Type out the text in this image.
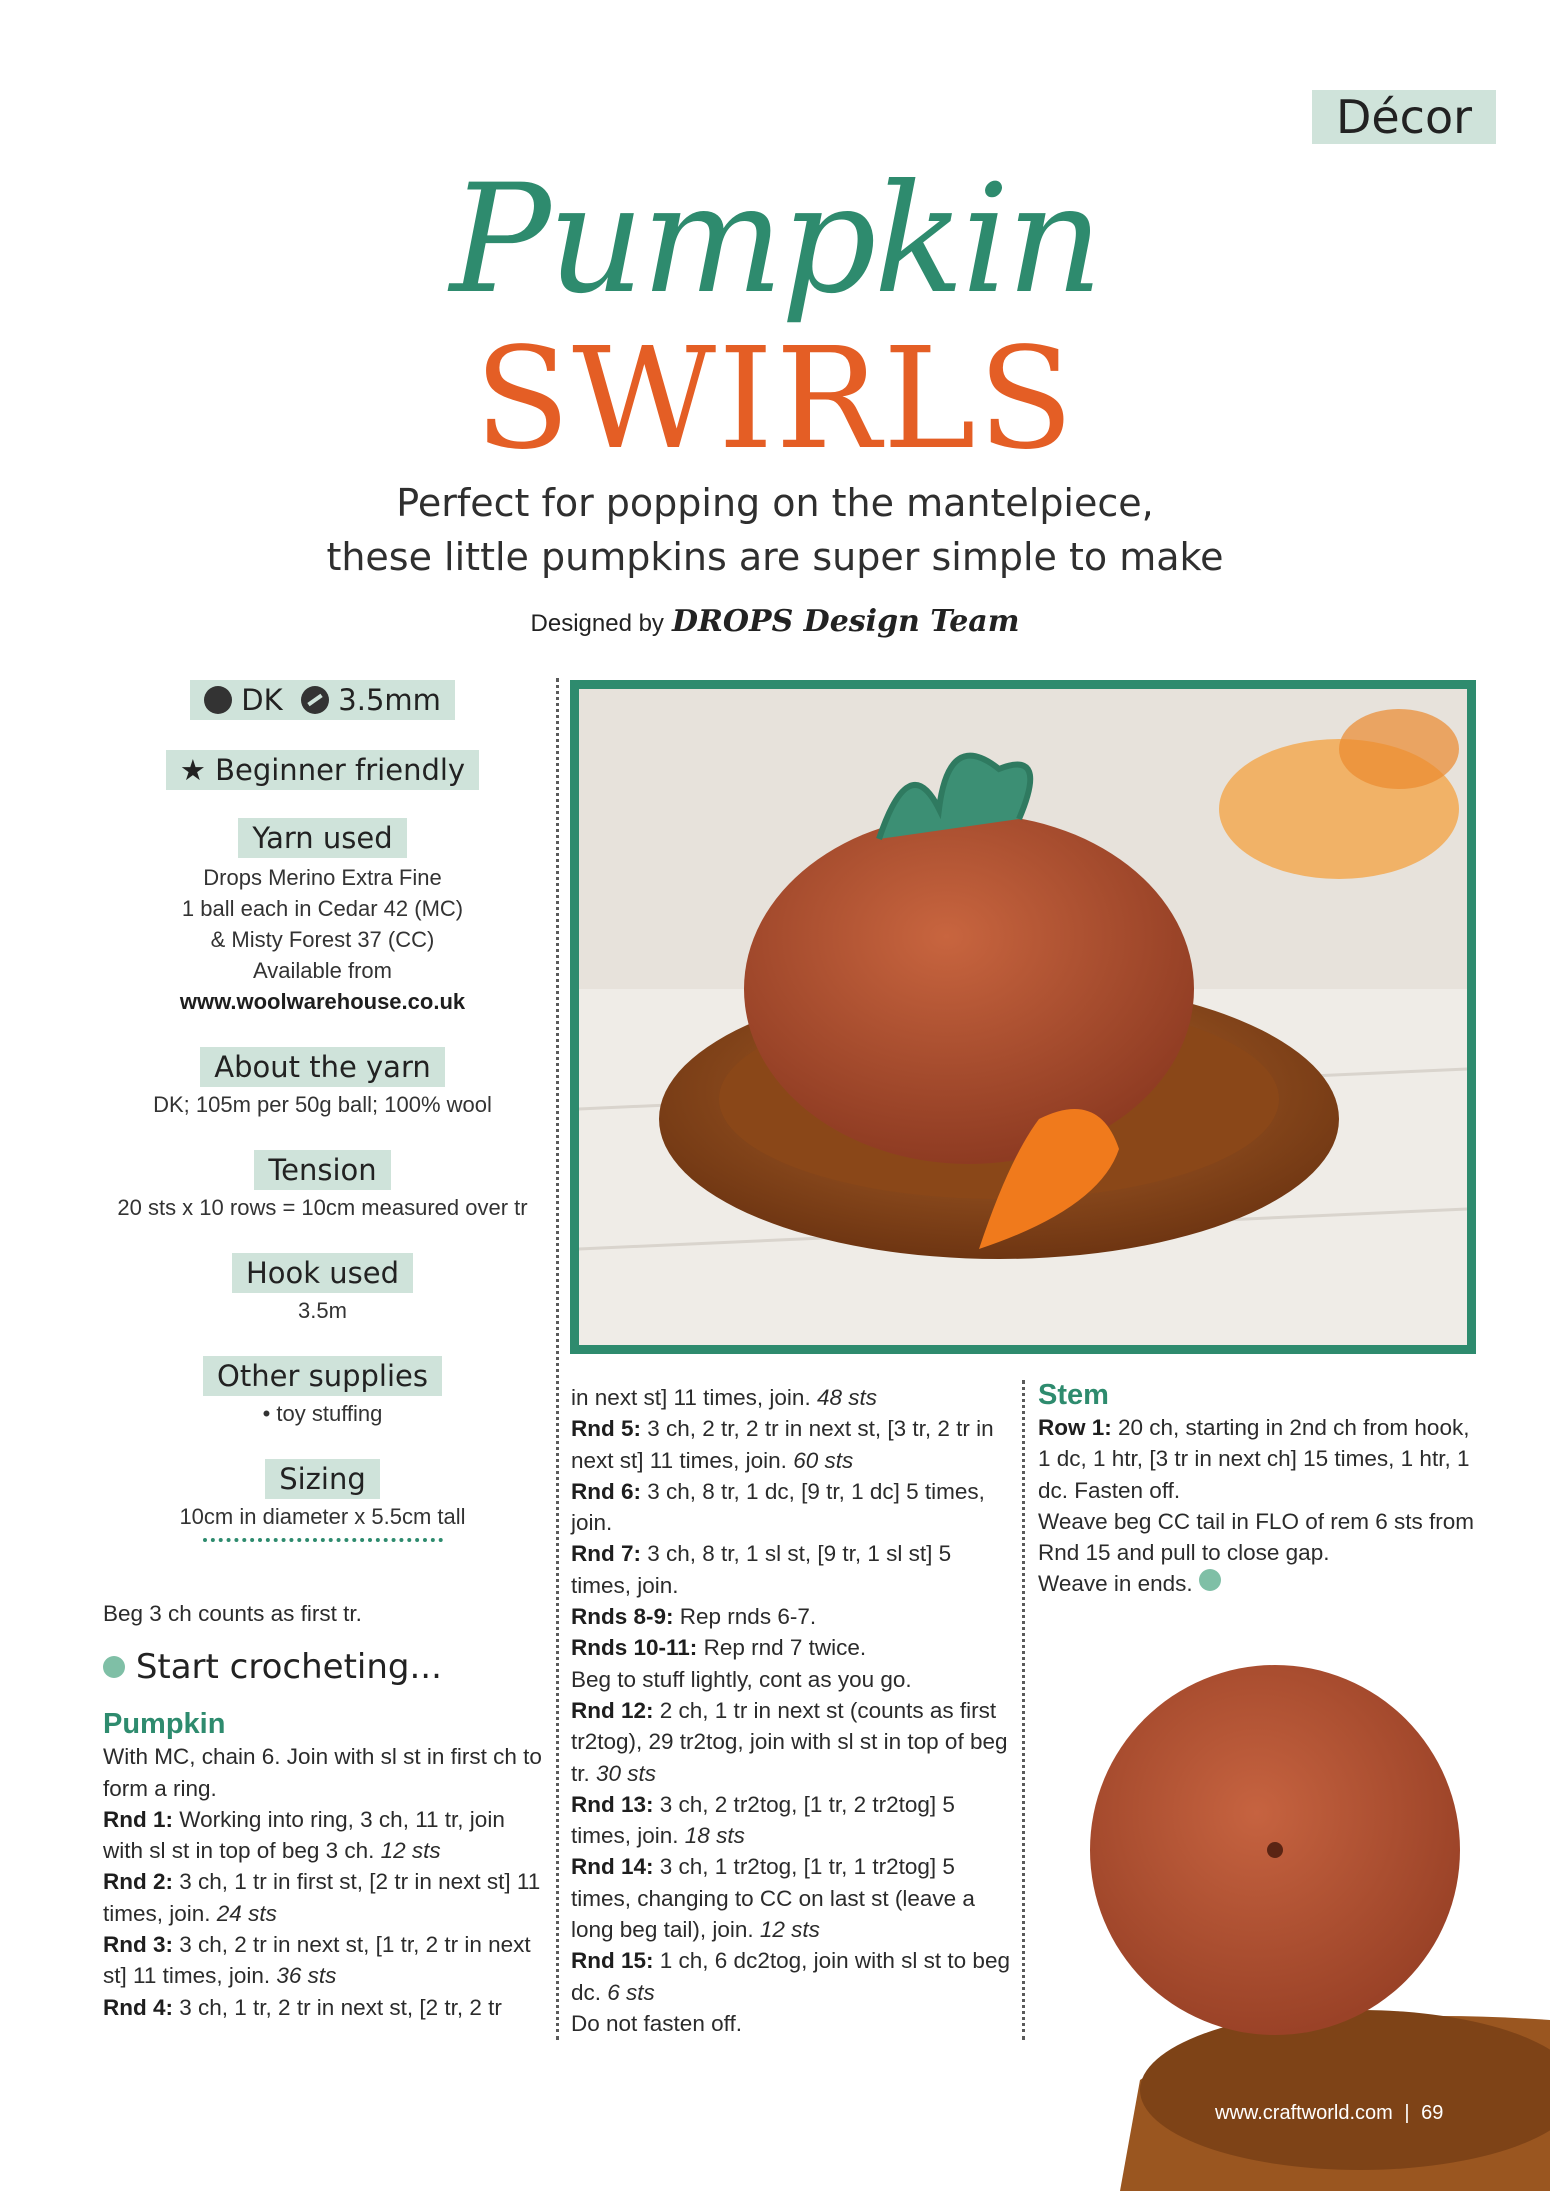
Décor
Pumpkin
SWIRLS
Perfect for popping on the mantelpiece,
these little pumpkins are super simple to make
Designed by DROPS Design Team
DK 3.5mm
★ Beginner friendly
Yarn used
Drops Merino Extra Fine
1 ball each in Cedar 42 (MC)
& Misty Forest 37 (CC)
Available from
www.woolwarehouse.co.uk
About the yarn
DK; 105m per 50g ball; 100% wool
Tension
20 sts x 10 rows = 10cm measured over tr
Hook used
3.5m
Other supplies
• toy stuffing
Sizing
10cm in diameter x 5.5cm tall

Beg 3 ch counts as first tr.

Start crocheting...

Pumpkin

With MC, chain 6. Join with sl st in first ch to form a ring.

Rnd 1: Working into ring, 3 ch, 11 tr, join with sl st in top of beg 3 ch. 12 sts

Rnd 2: 3 ch, 1 tr in first st, [2 tr in next st] 11 times, join. 24 sts

Rnd 3: 3 ch, 2 tr in next st, [1 tr, 2 tr in next st] 11 times, join. 36 sts

Rnd 4: 3 ch, 1 tr, 2 tr in next st, [2 tr, 2 tr

in next st] 11 times, join. 48 sts

Rnd 5: 3 ch, 2 tr, 2 tr in next st, [3 tr, 2 tr in next st] 11 times, join. 60 sts

Rnd 6: 3 ch, 8 tr, 1 dc, [9 tr, 1 dc] 5 times, join.

Rnd 7: 3 ch, 8 tr, 1 sl st, [9 tr, 1 sl st] 5 times, join.

Rnds 8-9: Rep rnds 6-7.

Rnds 10-11: Rep rnd 7 twice.

Beg to stuff lightly, cont as you go.

Rnd 12: 2 ch, 1 tr in next st (counts as first tr2tog), 29 tr2tog, join with sl st in top of beg tr. 30 sts

Rnd 13: 3 ch, 2 tr2tog, [1 tr, 2 tr2tog] 5 times, join. 18 sts

Rnd 14: 3 ch, 1 tr2tog, [1 tr, 1 tr2tog] 5 times, changing to CC on last st (leave a long beg tail), join. 12 sts

Rnd 15: 1 ch, 6 dc2tog, join with sl st to beg dc. 6 sts

Do not fasten off.

Stem

Row 1: 20 ch, starting in 2nd ch from hook, 1 dc, 1 htr, [3 tr in next ch] 15 times, 1 htr, 1 dc. Fasten off.

Weave beg CC tail in FLO of rem 6 sts from Rnd 15 and pull to close gap.

Weave in ends.

www.craftworld.com | 69
